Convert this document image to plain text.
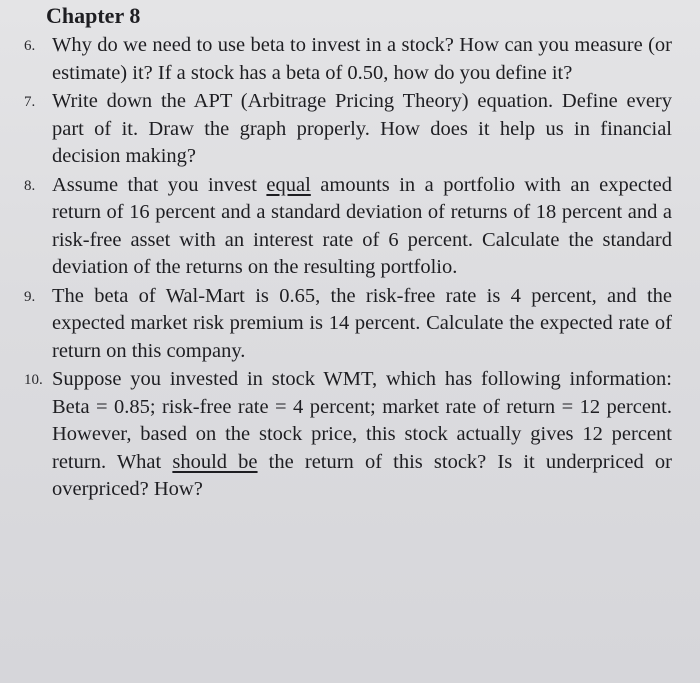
Chapter 8
6 . Why do we need to use beta to invest in a stock? How can you measure (or estimate) it? If a stock has a beta of 0.50, how do you define it?
7 . Write down the APT (Arbitrage Pricing Theory) equation. Define every part of it. Draw the graph properly. How does it help us in financial decision making?
8 . Assume that you invest equal amounts in a portfolio with an expected return of 16 percent and a standard deviation of returns of 18 percent and a risk-free asset with an interest rate of 6 percent. Calculate the standard deviation of the returns on the resulting portfolio.
9 . The beta of Wal-Mart is 0.65, the risk-free rate is 4 percent, and the expected market risk premium is 14 percent. Calculate the expected rate of return on this company.
10 . Suppose you invested in stock WMT, which has following information: Beta = 0.85; risk-free rate = 4 percent; market rate of return = 12 percent. However, based on the stock price, this stock actually gives 12 percent return. What should be the return of this stock? Is it underpriced or overpriced? How?
